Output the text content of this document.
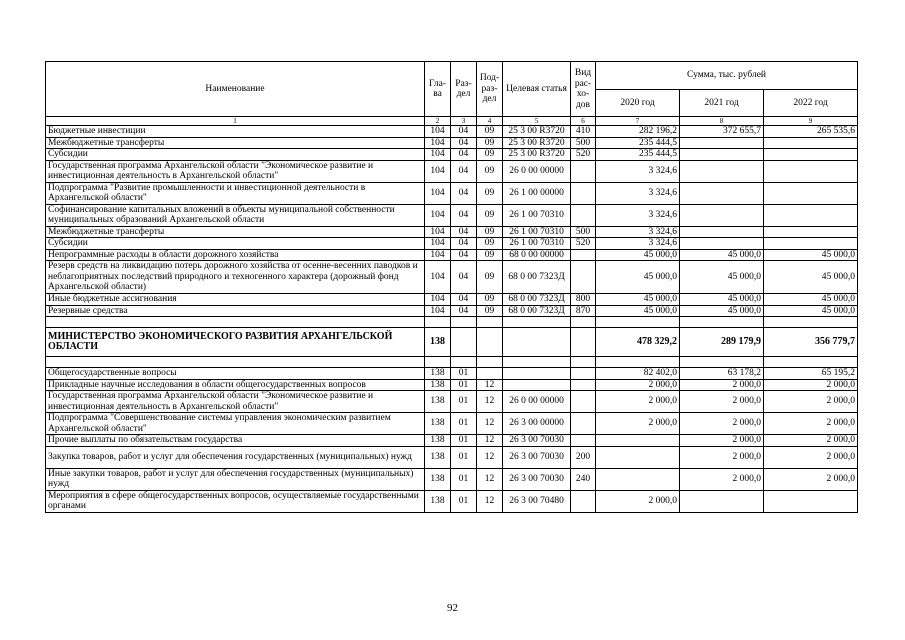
Наименование	Гла-ва	Раз-дел	Под-раз-дел	Целевая статья	Вид рас-хо-дов	Сумма, тыс. рублей		
						2020 год	2021 год	2022 год
1	2	3	4	5	6	7	8	9
Бюджетные инвестиции	104	04	09	25 3 00 R3720	410	282 196,2	372 655,7	265 535,6
Межбюджетные трансферты	104	04	09	25 3 00 R3720	500	235 444,5		
Субсидии	104	04	09	25 3 00 R3720	520	235 444,5		
Государственная программа Архангельской области "Экономическое развитие и инвестиционная деятельность в Архангельской области"	104	04	09	26 0 00 00000		3 324,6		
Подпрограмма "Развитие промышленности и инвестиционной деятельности в Архангельской области"	104	04	09	26 1 00 00000		3 324,6		
Софинансирование капитальных вложений в объекты муниципальной собственности муниципальных образований Архангельской области	104	04	09	26 1 00 70310		3 324,6		
Межбюджетные трансферты	104	04	09	26 1 00 70310	500	3 324,6		
Субсидии	104	04	09	26 1 00 70310	520	3 324,6		
Непрограммные расходы в области дорожного хозяйства	104	04	09	68 0 00 00000		45 000,0	45 000,0	45 000,0
Резерв средств на ликвидацию потерь дорожного хозяйства от осенне-весенних паводков и неблагоприятных последствий природного и техногенного характера (дорожный фонд Архангельской области)	104	04	09	68 0 00 7323Д		45 000,0	45 000,0	45 000,0
Иные бюджетные ассигнования	104	04	09	68 0 00 7323Д	800	45 000,0	45 000,0	45 000,0
Резервные средства	104	04	09	68 0 00 7323Д	870	45 000,0	45 000,0	45 000,0

МИНИСТЕРСТВО ЭКОНОМИЧЕСКОГО РАЗВИТИЯ АРХАНГЕЛЬСКОЙ ОБЛАСТИ	138					478 329,2	289 179,9	356 779,7

Общегосударственные вопросы	138	01				82 402,0	63 178,2	65 195,2
Прикладные научные исследования в области общегосударственных вопросов	138	01	12			2 000,0	2 000,0	2 000,0
Государственная программа Архангельской области "Экономическое развитие и инвестиционная деятельность в Архангельской области"	138	01	12	26 0 00 00000		2 000,0	2 000,0	2 000,0
Подпрограмма "Совершенствование системы управления экономическим развитием Архангельской области"	138	01	12	26 3 00 00000		2 000,0	2 000,0	2 000,0
Прочие выплаты по обязательствам государства	138	01	12	26 3 00 70030			2 000,0	2 000,0
Закупка товаров, работ и услуг для обеспечения государственных (муниципальных) нужд	138	01	12	26 3 00 70030	200		2 000,0	2 000,0
Иные закупки товаров, работ и услуг для обеспечения государственных (муниципальных) нужд	138	01	12	26 3 00 70030	240		2 000,0	2 000,0
Мероприятия в сфере общегосударственных вопросов, осуществляемые государственными органами	138	01	12	26 3 00 70480		2 000,0		
92
